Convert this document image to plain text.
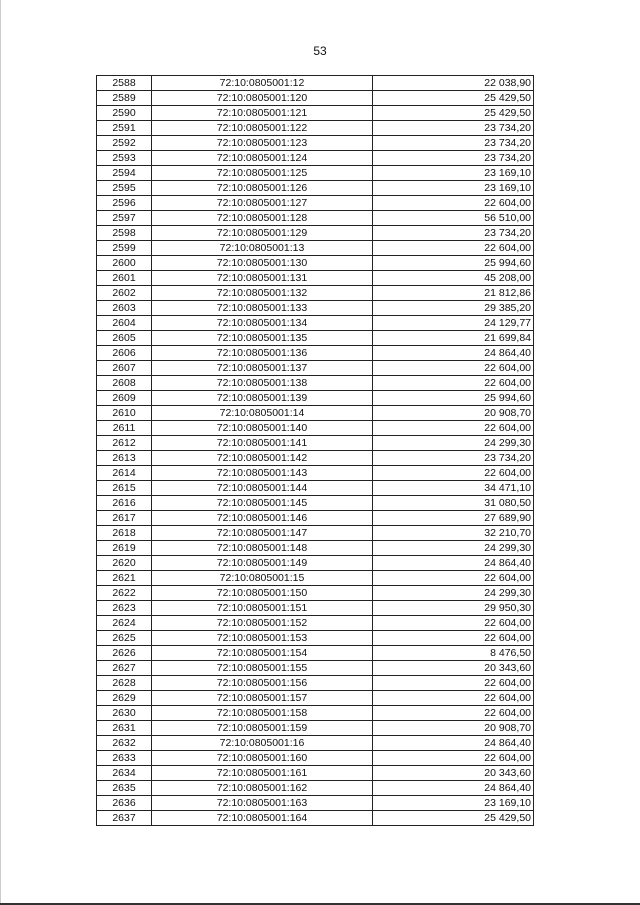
53
2588	72:10:0805001:12	22 038,90
2589	72:10:0805001:120	25 429,50
2590	72:10:0805001:121	25 429,50
2591	72:10:0805001:122	23 734,20
2592	72:10:0805001:123	23 734,20
2593	72:10:0805001:124	23 734,20
2594	72:10:0805001:125	23 169,10
2595	72:10:0805001:126	23 169,10
2596	72:10:0805001:127	22 604,00
2597	72:10:0805001:128	56 510,00
2598	72:10:0805001:129	23 734,20
2599	72:10:0805001:13	22 604,00
2600	72:10:0805001:130	25 994,60
2601	72:10:0805001:131	45 208,00
2602	72:10:0805001:132	21 812,86
2603	72:10:0805001:133	29 385,20
2604	72:10:0805001:134	24 129,77
2605	72:10:0805001:135	21 699,84
2606	72:10:0805001:136	24 864,40
2607	72:10:0805001:137	22 604,00
2608	72:10:0805001:138	22 604,00
2609	72:10:0805001:139	25 994,60
2610	72:10:0805001:14	20 908,70
2611	72:10:0805001:140	22 604,00
2612	72:10:0805001:141	24 299,30
2613	72:10:0805001:142	23 734,20
2614	72:10:0805001:143	22 604,00
2615	72:10:0805001:144	34 471,10
2616	72:10:0805001:145	31 080,50
2617	72:10:0805001:146	27 689,90
2618	72:10:0805001:147	32 210,70
2619	72:10:0805001:148	24 299,30
2620	72:10:0805001:149	24 864,40
2621	72:10:0805001:15	22 604,00
2622	72:10:0805001:150	24 299,30
2623	72:10:0805001:151	29 950,30
2624	72:10:0805001:152	22 604,00
2625	72:10:0805001:153	22 604,00
2626	72:10:0805001:154	8 476,50
2627	72:10:0805001:155	20 343,60
2628	72:10:0805001:156	22 604,00
2629	72:10:0805001:157	22 604,00
2630	72:10:0805001:158	22 604,00
2631	72:10:0805001:159	20 908,70
2632	72:10:0805001:16	24 864,40
2633	72:10:0805001:160	22 604,00
2634	72:10:0805001:161	20 343,60
2635	72:10:0805001:162	24 864,40
2636	72:10:0805001:163	23 169,10
2637	72:10:0805001:164	25 429,50
